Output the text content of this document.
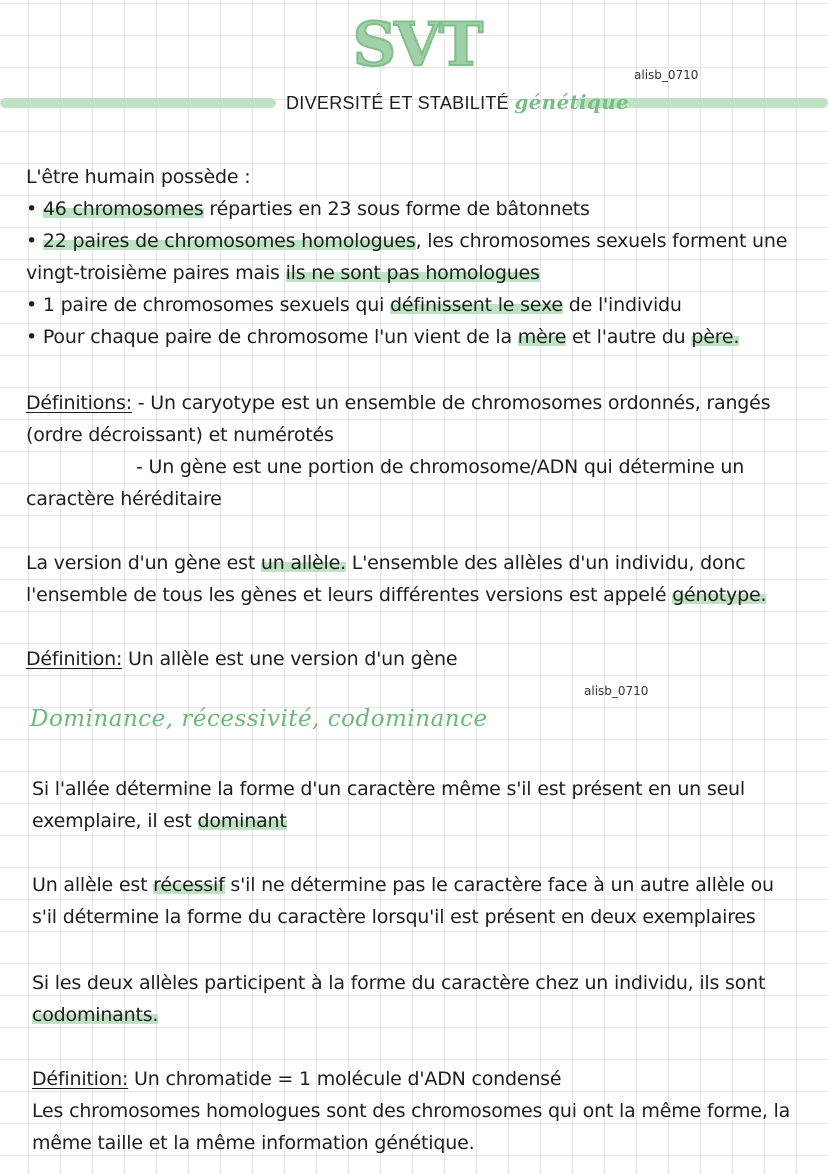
SVT	alisb_0710
DIVERSITÉ ET STABILITÉ génétique
L'être humain possède :
• 46 chromosomes réparties en 23 sous forme de bâtonnets
• 22 paires de chromosomes homologues, les chromosomes sexuels forment une
vingt-troisième paires mais ils ne sont pas homologues
• 1 paire de chromosomes sexuels qui définissent le sexe de l'individu
• Pour chaque paire de chromosome l'un vient de la mère et l'autre du père.
Définitions: - Un caryotype est un ensemble de chromosomes ordonnés, rangés
(ordre décroissant) et numérotés
- Un gène est une portion de chromosome/ADN qui détermine un
caractère héréditaire
La version d'un gène est un allèle. L'ensemble des allèles d'un individu, donc
l'ensemble de tous les gènes et leurs différentes versions est appelé génotype.
Définition: Un allèle est une version d'un gène
alisb_0710
Dominance, récessivité, codominance
Si l'allée détermine la forme d'un caractère même s'il est présent en un seul
exemplaire, il est dominant
Un allèle est récessif s'il ne détermine pas le caractère face à un autre allèle ou
s'il détermine la forme du caractère lorsqu'il est présent en deux exemplaires
Si les deux allèles participent à la forme du caractère chez un individu, ils sont
codominants.
Définition: Un chromatide = 1 molécule d'ADN condensé
Les chromosomes homologues sont des chromosomes qui ont la même forme, la
même taille et la même information génétique.
